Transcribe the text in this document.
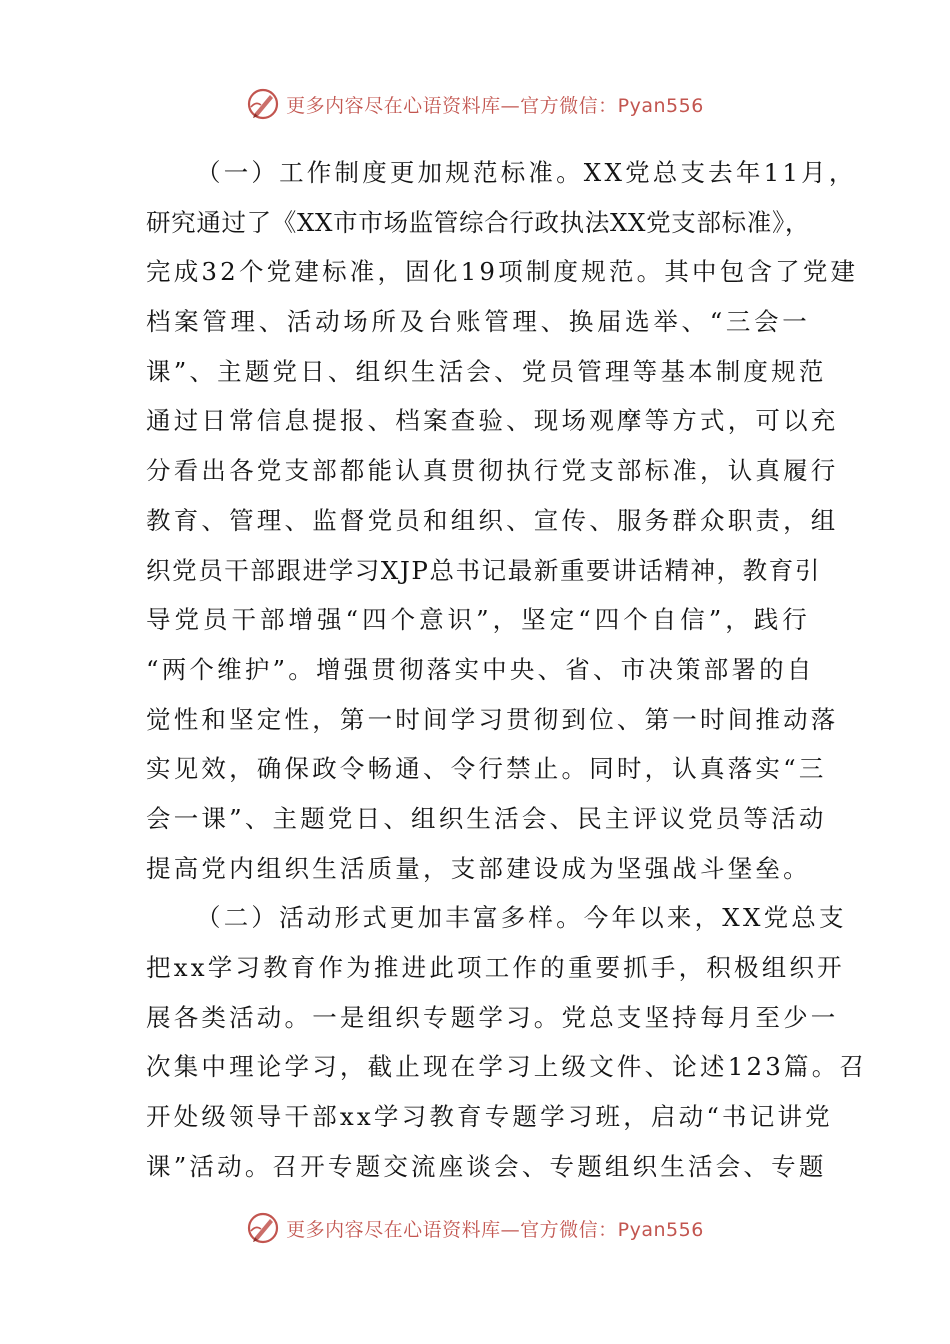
更多内容尽在心语资料库—官方微信：Pyan556
（一）工作制度更加规范标准。XX党总支去年11月，
研究通过了《XX市市场监管综合行政执法XX党支部标准》，
完成32个党建标准，固化19项制度规范。其中包含了党建
档案管理、活动场所及台账管理、换届选举、“三会一
课”、主题党日、组织生活会、党员管理等基本制度规范
通过日常信息提报、档案查验、现场观摩等方式，可以充
分看出各党支部都能认真贯彻执行党支部标准，认真履行
教育、管理、监督党员和组织、宣传、服务群众职责，组
织党员干部跟进学习XJP总书记最新重要讲话精神，教育引
导党员干部增强“四个意识”，坚定“四个自信”，践行
“两个维护”。增强贯彻落实中央、省、市决策部署的自
觉性和坚定性，第一时间学习贯彻到位、第一时间推动落
实见效，确保政令畅通、令行禁止。同时，认真落实“三
会一课”、主题党日、组织生活会、民主评议党员等活动
提高党内组织生活质量，支部建设成为坚强战斗堡垒。
（二）活动形式更加丰富多样。今年以来，XX党总支
把xx学习教育作为推进此项工作的重要抓手，积极组织开
展各类活动。一是组织专题学习。党总支坚持每月至少一
次集中理论学习，截止现在学习上级文件、论述123篇。召
开处级领导干部xx学习教育专题学习班，启动“书记讲党
课”活动。召开专题交流座谈会、专题组织生活会、专题
更多内容尽在心语资料库—官方微信：Pyan556
